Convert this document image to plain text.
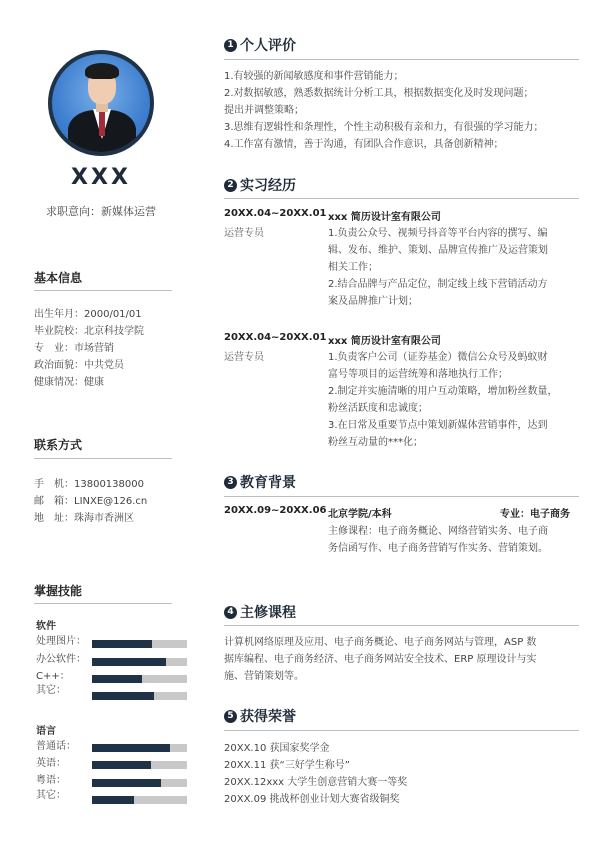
XXX
求职意向：新媒体运营
基本信息
出生年月：2000/01/01
毕业院校：北京科技学院
专　业：市场营销
政治面貌：中共党员
健康情况：健康
联系方式
手　机：13800138000
邮　箱：LINXE@126.cn
地　址：珠海市香洲区
掌握技能
软件
处理图片：
办公软件：
C++：
其它：
语言
普通话：
英语：
粤语：
其它：
1 个人评价
1.有较强的新闻敏感度和事件营销能力；
2.对数据敏感，熟悉数据统计分析工具，根据数据变化及时发现问题；
提出并调整策略；
3.思维有逻辑性和条理性，个性主动积极有亲和力，有很强的学习能力；
4.工作富有激情，善于沟通，有团队合作意识，具备创新精神；
2 实习经历
20XX.04~20XX.01
运营专员
xxx 简历设计室有限公司
1.负责公众号、视频号抖音等平台内容的撰写、编
辑、发布、维护、策划、品牌宣传推广及运营策划
相关工作；
2.结合品牌与产品定位，制定线上线下营销活动方
案及品牌推广计划；
20XX.04~20XX.01
运营专员
xxx 简历设计室有限公司
1.负责客户公司（证券基金）微信公众号及蚂蚁财
富号等项目的运营统筹和落地执行工作；
2.制定并实施清晰的用户互动策略，增加粉丝数量，
粉丝活跃度和忠诚度；
3.在日常及重要节点中策划新媒体营销事件，达到
粉丝互动量的***化；
3 教育背景
20XX.09~20XX.06 北京学院/本科	专业：电子商务
主修课程：电子商务概论、网络营销实务、电子商
务信函写作、电子商务营销写作实务、营销策划。
4 主修课程
计算机网络原理及应用、电子商务概论、电子商务网站与管理，ASP 数
据库编程、电子商务经济、电子商务网站安全技术、ERP 原理设计与实
施、营销策划等。
5 获得荣誉
20XX.10 获国家奖学金
20XX.11 获“三好学生称号”
20XX.12xxx 大学生创意营销大赛一等奖
20XX.09 挑战杯创业计划大赛省级铜奖
